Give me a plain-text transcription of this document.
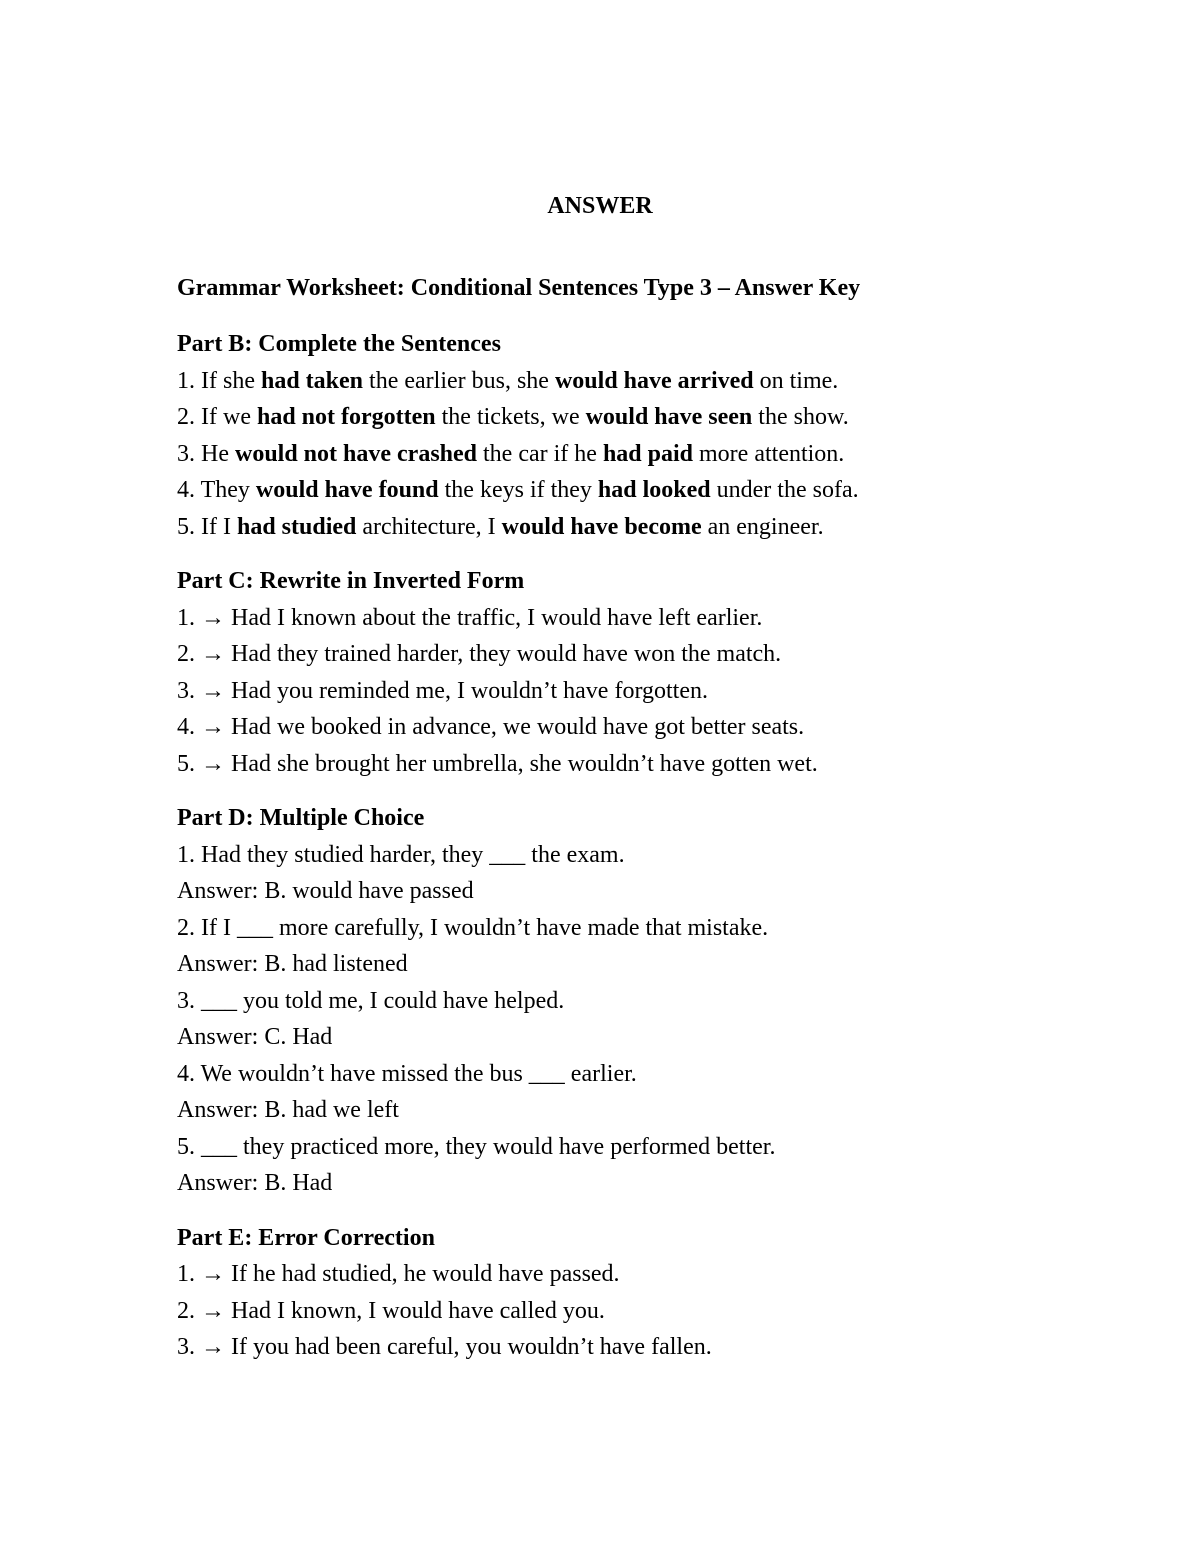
ANSWER

Grammar Worksheet: Conditional Sentences Type 3 – Answer Key

Part B: Complete the Sentences

1. If she had taken the earlier bus, she would have arrived on time.

2. If we had not forgotten the tickets, we would have seen the show.

3. He would not have crashed the car if he had paid more attention.

4. They would have found the keys if they had looked under the sofa.

5. If I had studied architecture, I would have become an engineer.

Part C: Rewrite in Inverted Form

1. → Had I known about the traffic, I would have left earlier.

2. → Had they trained harder, they would have won the match.

3. → Had you reminded me, I wouldn’t have forgotten.

4. → Had we booked in advance, we would have got better seats.

5. → Had she brought her umbrella, she wouldn’t have gotten wet.

Part D: Multiple Choice

1. Had they studied harder, they ___ the exam.

Answer: B. would have passed

2. If I ___ more carefully, I wouldn’t have made that mistake.

Answer: B. had listened

3. ___ you told me, I could have helped.

Answer: C. Had

4. We wouldn’t have missed the bus ___ earlier.

Answer: B. had we left

5. ___ they practiced more, they would have performed better.

Answer: B. Had

Part E: Error Correction

1. → If he had studied, he would have passed.

2. → Had I known, I would have called you.

3. → If you had been careful, you wouldn’t have fallen.
